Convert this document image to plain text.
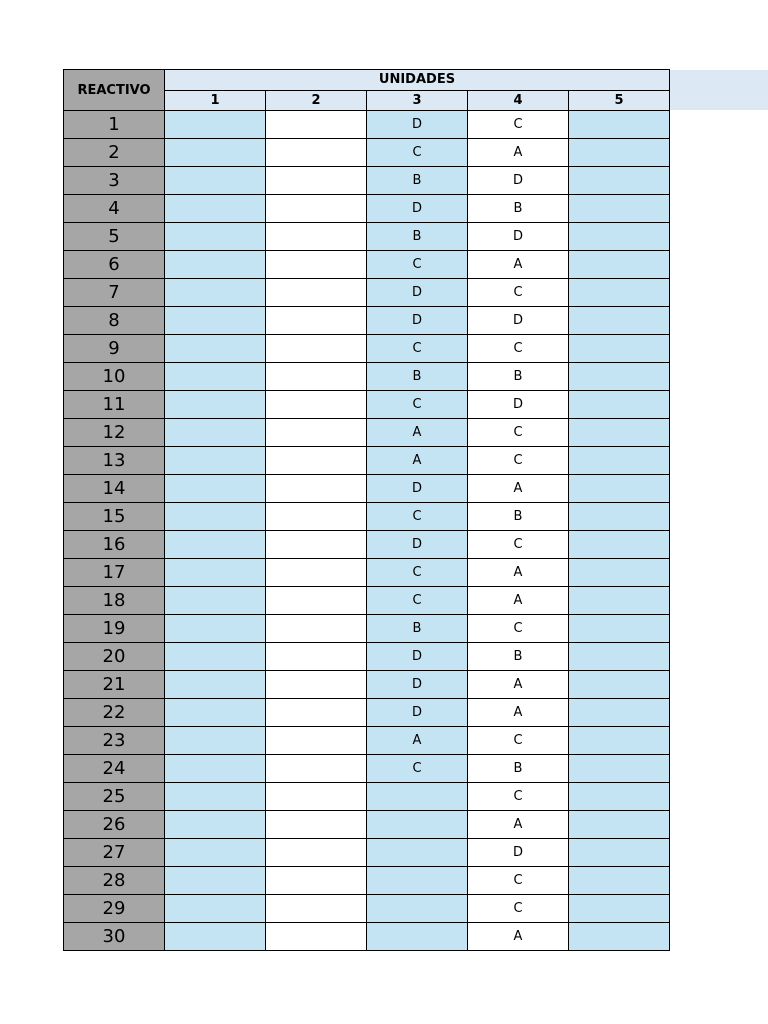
REACTIVO	UNIDADES				
	1	2	3	4	5
1			D	C	
2			C	A	
3			B	D	
4			D	B	
5			B	D	
6			C	A	
7			D	C	
8			D	D	
9			C	C	
10			B	B	
11			C	D	
12			A	C	
13			A	C	
14			D	A	
15			C	B	
16			D	C	
17			C	A	
18			C	A	
19			B	C	
20			D	B	
21			D	A	
22			D	A	
23			A	C	
24			C	B	
25				C	
26				A	
27				D	
28				C	
29				C	
30				A	
